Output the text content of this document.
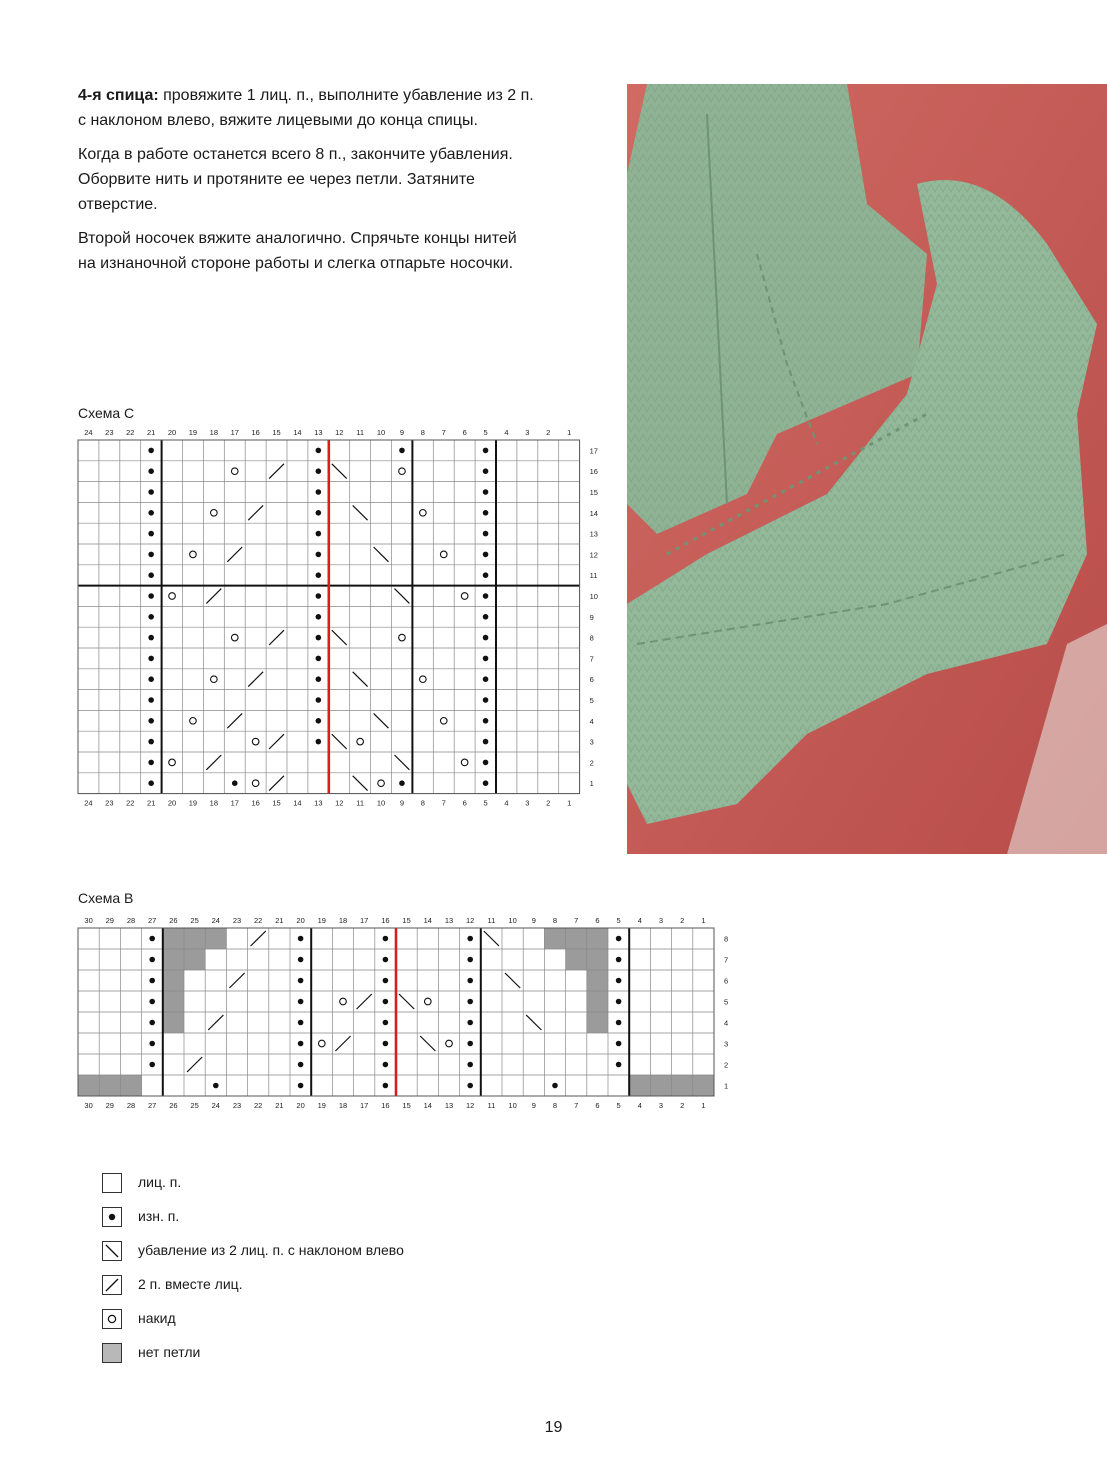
4-я спица: провяжите 1 лиц. п., выполните убавление из 2 п. с наклоном влево, вяжите лицевыми до конца спицы.

Когда в работе останется всего 8 п., закончите убавления. Оборвите нить и протяните ее через петли. Затяните отверстие.

Второй носочек вяжите аналогично. Спрячьте концы нитей на изнаночной стороне работы и слегка отпарьте носочки.

Схема С
1
1
2
2
3
3
4
4
5
5
6
6
7
7
8
8
9
9
10
10
11
11
12
12
13
13
14
14
15
15
16
16
17
17
18
18
19
19
20
20
21
21
22
22
23
23
24
24
1
2
3
4
5
6
7
8
9
10
11
12
13
14
15
16
17
Схема В
1
1
2
2
3
3
4
4
5
5
6
6
7
7
8
8
9
9
10
10
11
11
12
12
13
13
14
14
15
15
16
16
17
17
18
18
19
19
20
20
21
21
22
22
23
23
24
24
25
25
26
26
27
27
28
28
29
29
30
30
1
2
3
4
5
6
7
8
лиц. п.
изн. п.
убавление из 2 лиц. п. с наклоном влево
2 п. вместе лиц.
накид
нет петли
19
